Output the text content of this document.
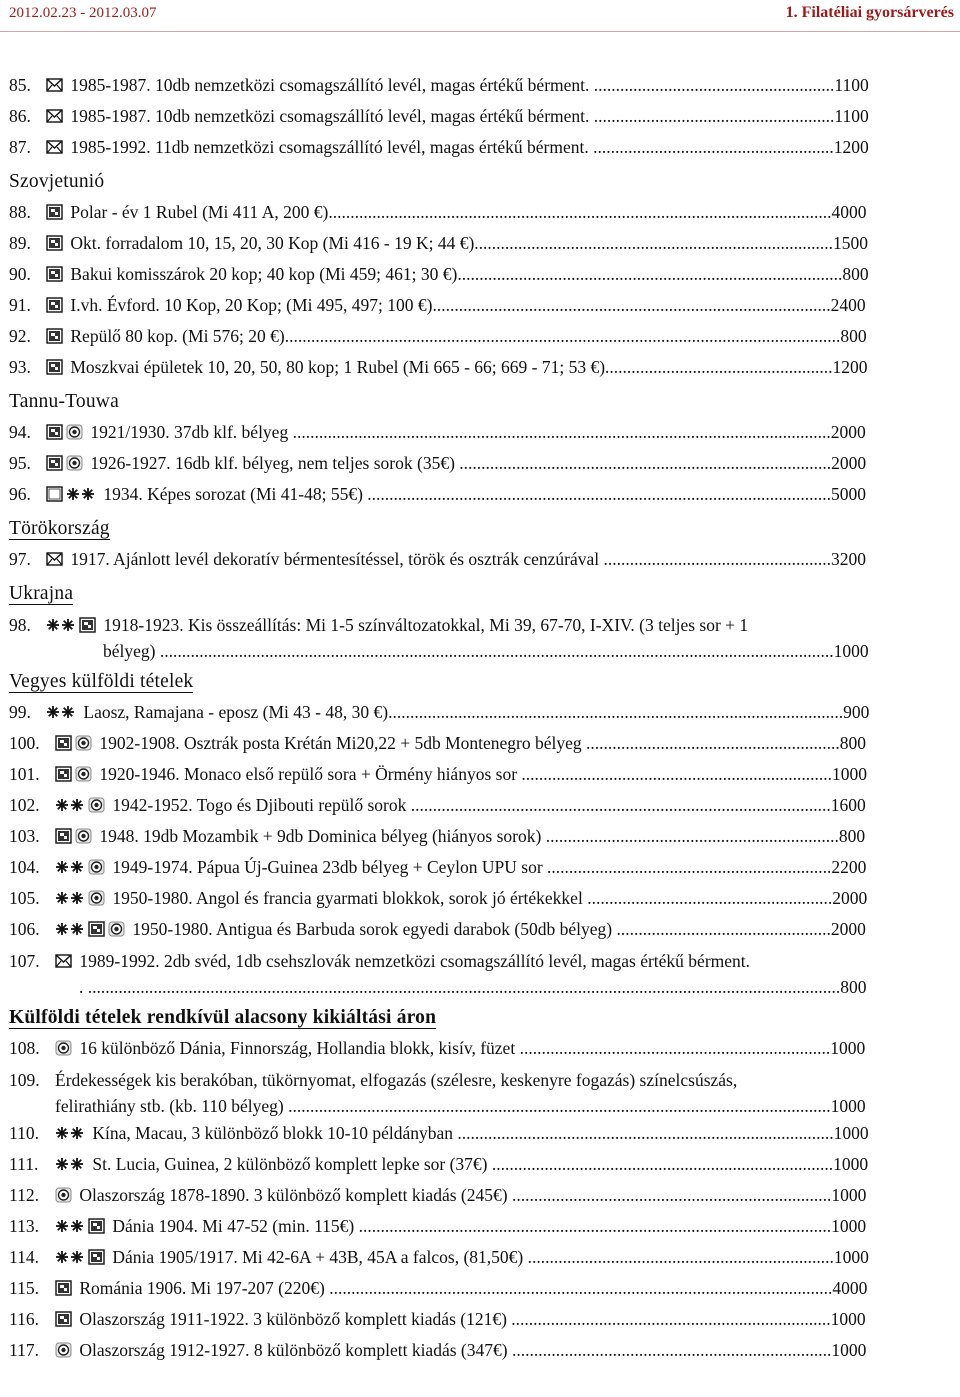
2012.02.23 - 2012.03.07	1. Filatéliai gyorsárverés
85.	1985-1987. 10db nemzetközi csomagszállító levél, magas értékű bérment. .......................................................1100
86.	1985-1987. 10db nemzetközi csomagszállító levél, magas értékű bérment. .......................................................1100
87.	1985-1992. 11db nemzetközi csomagszállító levél, magas értékű bérment. .......................................................1200
Szovjetunió
88.	Polar - év 1 Rubel (Mi 411 A, 200 €)...................................................................................................................4000
89.	Okt. forradalom 10, 15, 20, 30 Kop (Mi 416 - 19 K; 44 €)..................................................................................1500
90.	Bakui komisszárok 20 kop; 40 kop (Mi 459; 461; 30 €)........................................................................................800
91.	I.vh. Évford. 10 Kop, 20 Kop; (Mi 495, 497; 100 €)...........................................................................................2400
92.	Repülő 80 kop. (Mi 576; 20 €)...............................................................................................................................800
93.	Moszkvai épületek 10, 20, 50, 80 kop; 1 Rubel (Mi 665 - 66; 669 - 71; 53 €)....................................................1200
Tannu-Touwa
94.	1921/1930. 37db klf. bélyeg ...........................................................................................................................2000
95.	1926-1927. 16db klf. bélyeg, nem teljes sorok (35€) .....................................................................................2000
96.	1934. Képes sorozat (Mi 41-48; 55€) ..........................................................................................................5000
Törökország
97.	1917. Ajánlott levél dekoratív bérmentesítéssel, török és osztrák cenzúrával ....................................................3200
Ukrajna
98.	1918-1923. Kis összeállítás: Mi 1-5 színváltozatokkal, Mi 39, 67-70, I-XIV. (3 teljes sor + 1
bélyeg) ..........................................................................................................................................................1000
Vegyes külföldi tételek
99.	Laosz, Ramajana - eposz (Mi 43 - 48, 30 €)........................................................................................................900
100.	1902-1908. Osztrák posta Krétán Mi20,22 + 5db Montenegro bélyeg ..........................................................800
101.	1920-1946. Monaco első repülő sora + Örmény hiányos sor .......................................................................1000
102.	1942-1952. Togo és Djibouti repülő sorok ................................................................................................1600
103.	1948. 19db Mozambik + 9db Dominica bélyeg (hiányos sorok) ...................................................................800
104.	1949-1974. Pápua Új-Guinea 23db bélyeg + Ceylon UPU sor .................................................................2200
105.	1950-1980. Angol és francia gyarmati blokkok, sorok jó értékekkel ........................................................2000
106.	1950-1980. Antigua és Barbuda sorok egyedi darabok (50db bélyeg) .................................................2000
107.	1989-1992. 2db svéd, 1db csehszlovák nemzetközi csomagszállító levél, magas értékű bérment.
. ............................................................................................................................................................................800
Külföldi tételek rendkívül alacsony kikiáltási áron
108.	16 különböző Dánia, Finnország, Hollandia blokk, kisív, füzet .......................................................................1000
109. Érdekességek kis berakóban, tükörnyomat, elfogazás (szélesre, keskenyre fogazás) színelcsúszás,
felirathiány stb. (kb. 110 bélyeg) ............................................................................................................................1000
110.	Kína, Macau, 3 különböző blokk 10-10 példányban ......................................................................................1000
111.	St. Lucia, Guinea, 2 különböző komplett lepke sor (37€) ..............................................................................1000
112.	Olaszország 1878-1890. 3 különböző komplett kiadás (245€) .........................................................................1000
113.	Dánia 1904. Mi 47-52 (min. 115€) ............................................................................................................1000
114.	Dánia 1905/1917. Mi 42-6A + 43B, 45A a falcos, (81,50€) ......................................................................1000
115.	Románia 1906. Mi 197-207 (220€) ...................................................................................................................4000
116.	Olaszország 1911-1922. 3 különböző komplett kiadás (121€) .........................................................................1000
117.	Olaszország 1912-1927. 8 különböző komplett kiadás (347€) .........................................................................1000
